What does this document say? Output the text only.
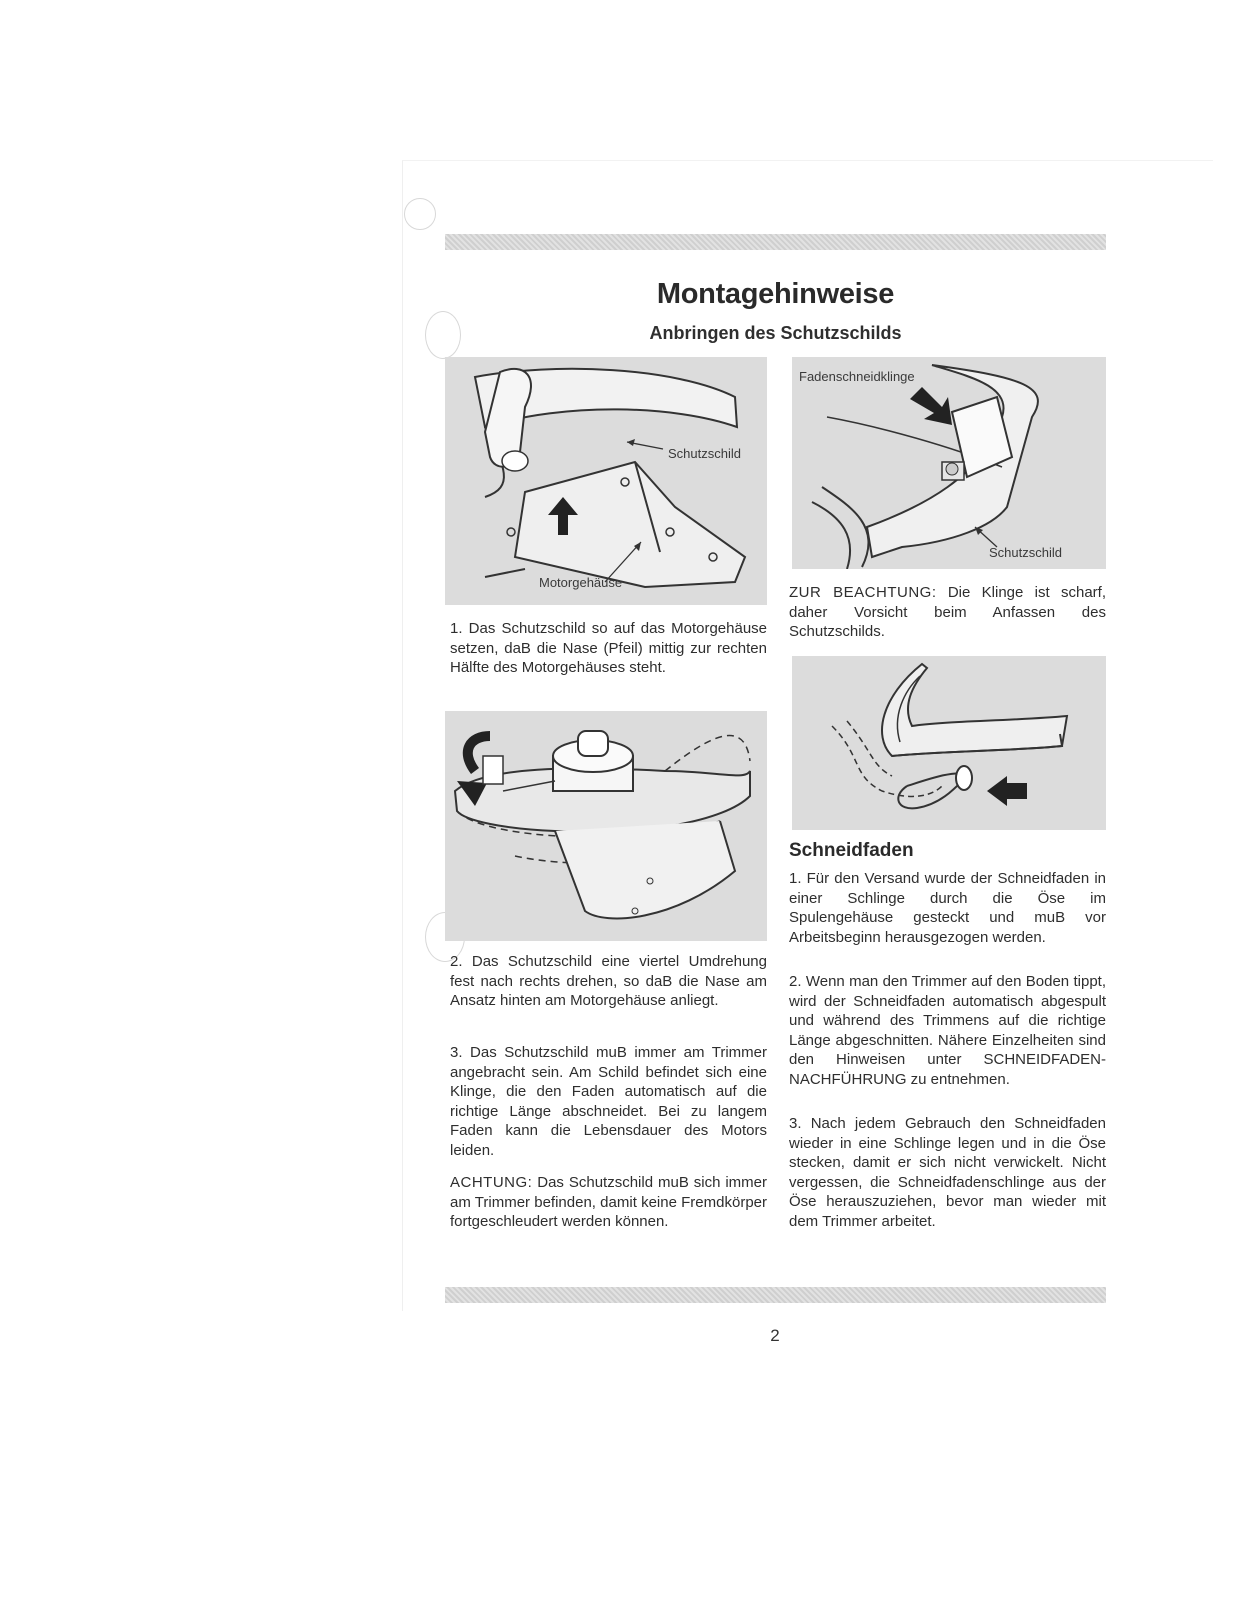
Montagehinweise
Anbringen des Schutzschilds
Schutzschild
Motorgehäuse

1. Das Schutzschild so auf das Motorgehäuse setzen, daB die Nase (Pfeil) mittig zur rechten Hälfte des Motorgehäuses steht.

2. Das Schutzschild eine viertel Umdrehung fest nach rechts drehen, so daB die Nase am Ansatz hinten am Motorgehäuse anliegt.

3. Das Schutzschild muB immer am Trimmer angebracht sein. Am Schild befindet sich eine Klinge, die den Faden automatisch auf die richtige Länge abschneidet. Bei zu langem Faden kann die Lebensdauer des Motors leiden.

ACHTUNG: Das Schutzschild muB sich immer am Trimmer befinden, damit keine Fremdkörper fortgeschleudert werden können.

Fadenschneidklinge
Schutzschild

ZUR BEACHTUNG: Die Klinge ist scharf, daher Vorsicht beim Anfassen des Schutzschilds.

Schneidfaden

1. Für den Versand wurde der Schneidfaden in einer Schlinge durch die Öse im Spulengehäuse gesteckt und muB vor Arbeitsbeginn herausgezogen werden.

2. Wenn man den Trimmer auf den Boden tippt, wird der Schneidfaden automatisch abgespult und während des Trimmens auf die richtige Länge abgeschnitten. Nähere Einzelheiten sind den Hinweisen unter SCHNEIDFADEN-NACHFÜHRUNG zu entnehmen.

3. Nach jedem Gebrauch den Schneidfaden wieder in eine Schlinge legen und in die Öse stecken, damit er sich nicht verwickelt. Nicht vergessen, die Schneidfadenschlinge aus der Öse herauszuziehen, bevor man wieder mit dem Trimmer arbeitet.

2
